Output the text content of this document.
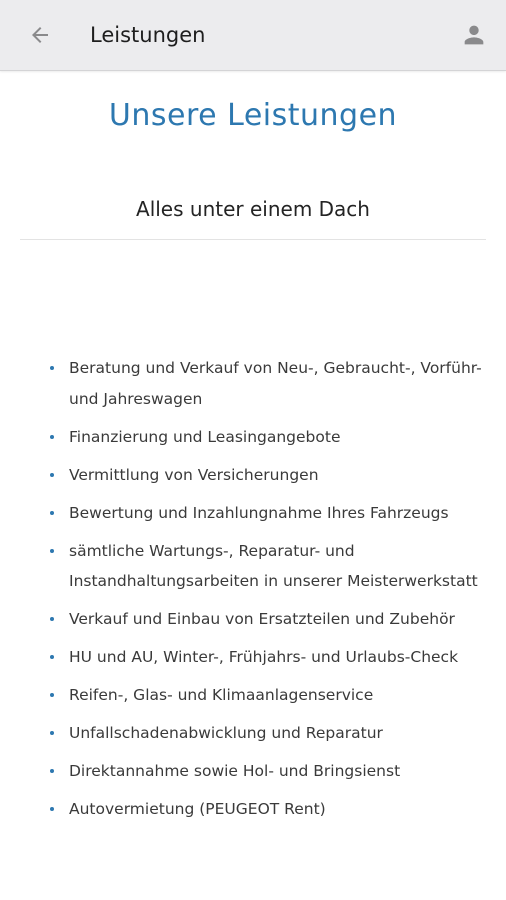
Leistungen
Unsere Leistungen
Alles unter einem Dach
Beratung und Verkauf von Neu-, Gebraucht-, Vorführ- und Jahreswagen
Finanzierung und Leasingangebote
Vermittlung von Versicherungen
Bewertung und Inzahlungnahme Ihres Fahrzeugs
sämtliche Wartungs-, Reparatur- und Instandhaltungsarbeiten in unserer Meisterwerkstatt
Verkauf und Einbau von Ersatzteilen und Zubehör
HU und AU, Winter-, Frühjahrs- und Urlaubs-Check
Reifen-, Glas- und Klimaanlagenservice
Unfallschadenabwicklung und Reparatur
Direktannahme sowie Hol- und Bringsienst
Autovermietung (PEUGEOT Rent)
